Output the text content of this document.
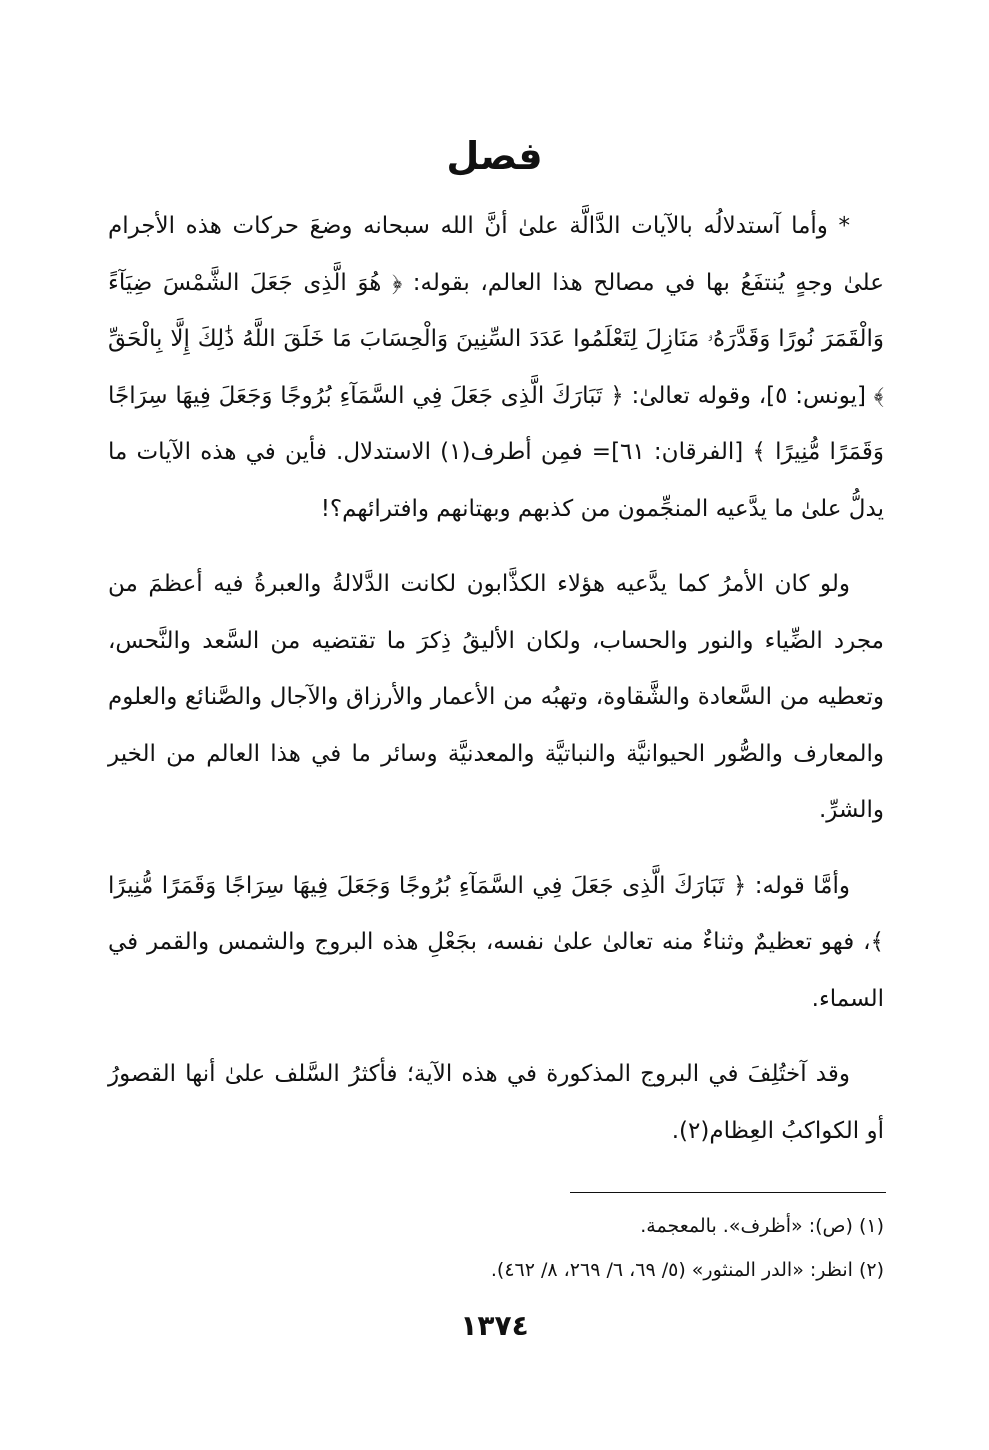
فصل

* وأما آستدلالُه بالآيات الدَّالَّة علىٰ أنَّ الله سبحانه وضعَ حركات هذه الأجرام علىٰ وجهٍ يُنتفَعُ بها في مصالح هذا العالم، بقوله: ﴿ هُوَ الَّذِى جَعَلَ الشَّمْسَ ضِيَآءً وَالْقَمَرَ نُورًا وَقَدَّرَهُۥ مَنَازِلَ لِتَعْلَمُوا عَدَدَ السِّنِينَ وَالْحِسَابَ مَا خَلَقَ اللَّهُ ذَٰلِكَ إِلَّا بِالْحَقِّ ﴾ [يونس: ٥]، وقوله تعالىٰ: ﴿ تَبَارَكَ الَّذِى جَعَلَ فِي السَّمَآءِ بُرُوجًا وَجَعَلَ فِيهَا سِرَاجًا وَقَمَرًا مُّنِيرًا ﴾ [الفرقان: ٦١]= فمِن أطرف(١) الاستدلال. فأين في هذه الآيات ما يدلُّ علىٰ ما يدَّعيه المنجِّمون من كذبهم وبهتانهم وافترائهم؟!

ولو كان الأمرُ كما يدَّعيه هؤلاء الكذَّابون لكانت الدَّلالةُ والعبرةُ فيه أعظمَ من مجرد الضِّياء والنور والحساب، ولكان الأليقُ ذِكرَ ما تقتضيه من السَّعد والنَّحس، وتعطيه من السَّعادة والشَّقاوة، وتهبُه من الأعمار والأرزاق والآجال والصَّنائع والعلوم والمعارف والصُّور الحيوانيَّة والنباتيَّة والمعدنيَّة وسائر ما في هذا العالم من الخير والشرِّ.

وأمَّا قوله: ﴿ تَبَارَكَ الَّذِى جَعَلَ فِي السَّمَآءِ بُرُوجًا وَجَعَلَ فِيهَا سِرَاجًا وَقَمَرًا مُّنِيرًا ﴾، فهو تعظيمٌ وثناءٌ منه تعالىٰ علىٰ نفسه، بجَعْلِ هذه البروج والشمس والقمر في السماء.

وقد آختُلِفَ في البروج المذكورة في هذه الآية؛ فأكثرُ السَّلف علىٰ أنها القصورُ أو الكواكبُ العِظام(٢).

(١) (ص): «أظرف». بالمعجمة.

(٢) انظر: «الدر المنثور» (٥/ ٦٩، ٦/ ٢٦٩، ٨/ ٤٦٢).

١٣٧٤
